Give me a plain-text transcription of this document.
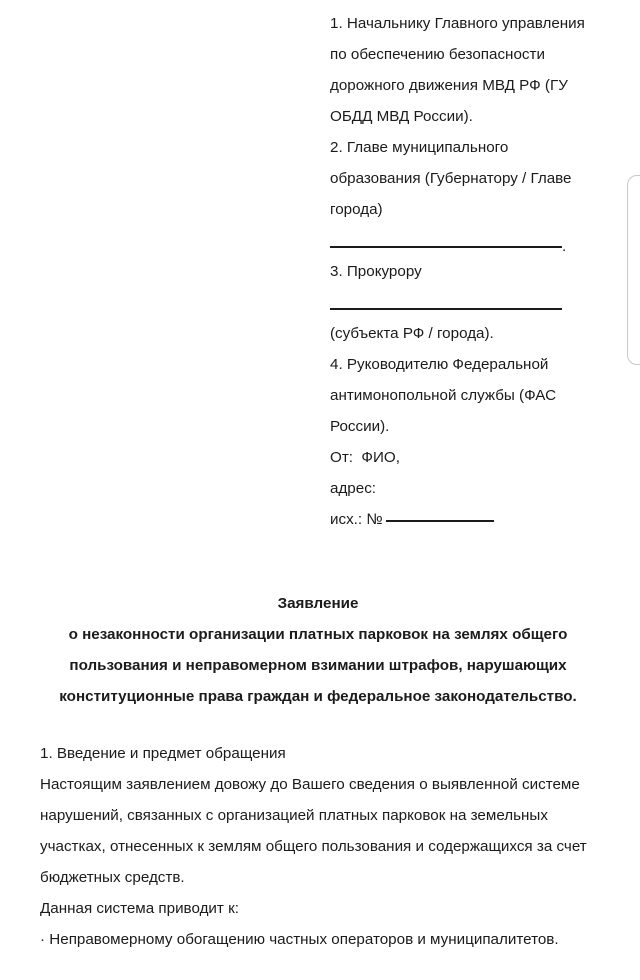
1. Начальнику Главного управления по обеспечению безопасности дорожного движения МВД РФ (ГУ ОБДД МВД России).

2. Главе муниципального образования (Губернатору / Главе города)

.

3. Прокурору

(субъекта РФ / города).

4. Руководителю Федеральной антимонопольной службы (ФАС России).

От:  ФИО,

адрес:

исх.: №

Заявление
о незаконности организации платных парковок на землях общего пользования и неправомерном взимании штрафов, нарушающих конституционные права граждан и федеральное законодательство.

1. Введение и предмет обращения

Настоящим заявлением довожу до Вашего сведения о выявленной системе нарушений, связанных с организацией платных парковок на земельных участках, отнесенных к землям общего пользования и содержащихся за счет бюджетных средств.

Данная система приводит к:

· Неправомерному обогащению частных операторов и муниципалитетов.
